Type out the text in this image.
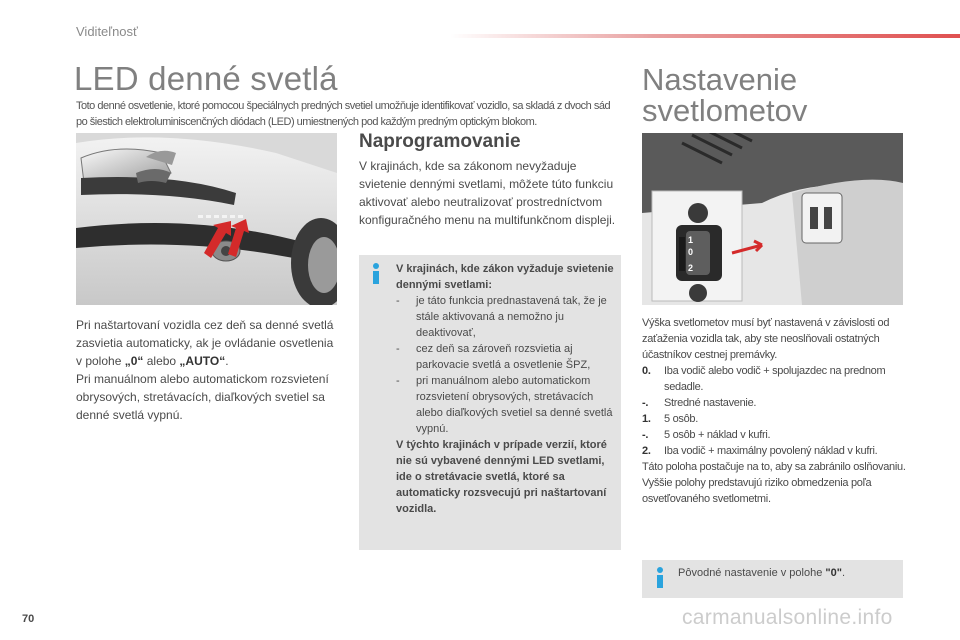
Viditeľnosť
LED denné svetlá

Toto denné osvetlenie, ktoré pomocou špeciálnych predných svetiel umožňuje identifikovať vozidlo, sa skladá z dvoch sád po šiestich elektroluminiscenčných diódach (LED) umiestnených pod každým predným optickým blokom.

Pri naštartovaní vozidla cez deň sa denné svetlá zasvietia automaticky, ak je ovládanie osvetlenia v polohe „0“ alebo „AUTO“.
Pri manuálnom alebo automatickom rozsvietení obrysových, stretávacích, diaľkových svetiel sa denné svetlá vypnú.
Naprogramovanie

V krajinách, kde sa zákonom nevyžaduje svietenie dennými svetlami, môžete túto funkciu aktivovať alebo neutralizovať prostredníctvom konfiguračného menu na multifunkčnom displeji.

V krajinách, kde zákon vyžaduje svietenie dennými svetlami:
-	je táto funkcia prednastavená tak, že je stále aktivovaná a nemožno ju deaktivovať,
-	cez deň sa zároveň rozsvietia aj parkovacie svetlá a osvetlenie ŠPZ,
-	pri manuálnom alebo automatickom rozsvietení obrysových, stretávacích alebo diaľkových svetiel sa denné svetlá vypnú.
V týchto krajinách v prípade verzií, ktoré nie sú vybavené dennými LED svetlami, ide o stretávacie svetlá, ktoré sa automaticky rozsvecujú pri naštartovaní vozidla.
Nastavenie
svetlometov
1
0
2
Výška svetlometov musí byť nastavená v závislosti od zaťaženia vozidla tak, aby ste neoslňovali ostatných účastníkov cestnej premávky.
0.	Iba vodič alebo vodič + spolujazdec na prednom sedadle.
-.	Stredné nastavenie.
1.	5 osôb.
-.	5 osôb + náklad v kufri.
2.	Iba vodič + maximálny povolený náklad v kufri.
Táto poloha postačuje na to, aby sa zabránilo oslňovaniu.
Vyššie polohy predstavujú riziko obmedzenia poľa osvetľovaného svetlometmi.
Pôvodné nastavenie v polohe "0".
70	carmanualsonline.info
